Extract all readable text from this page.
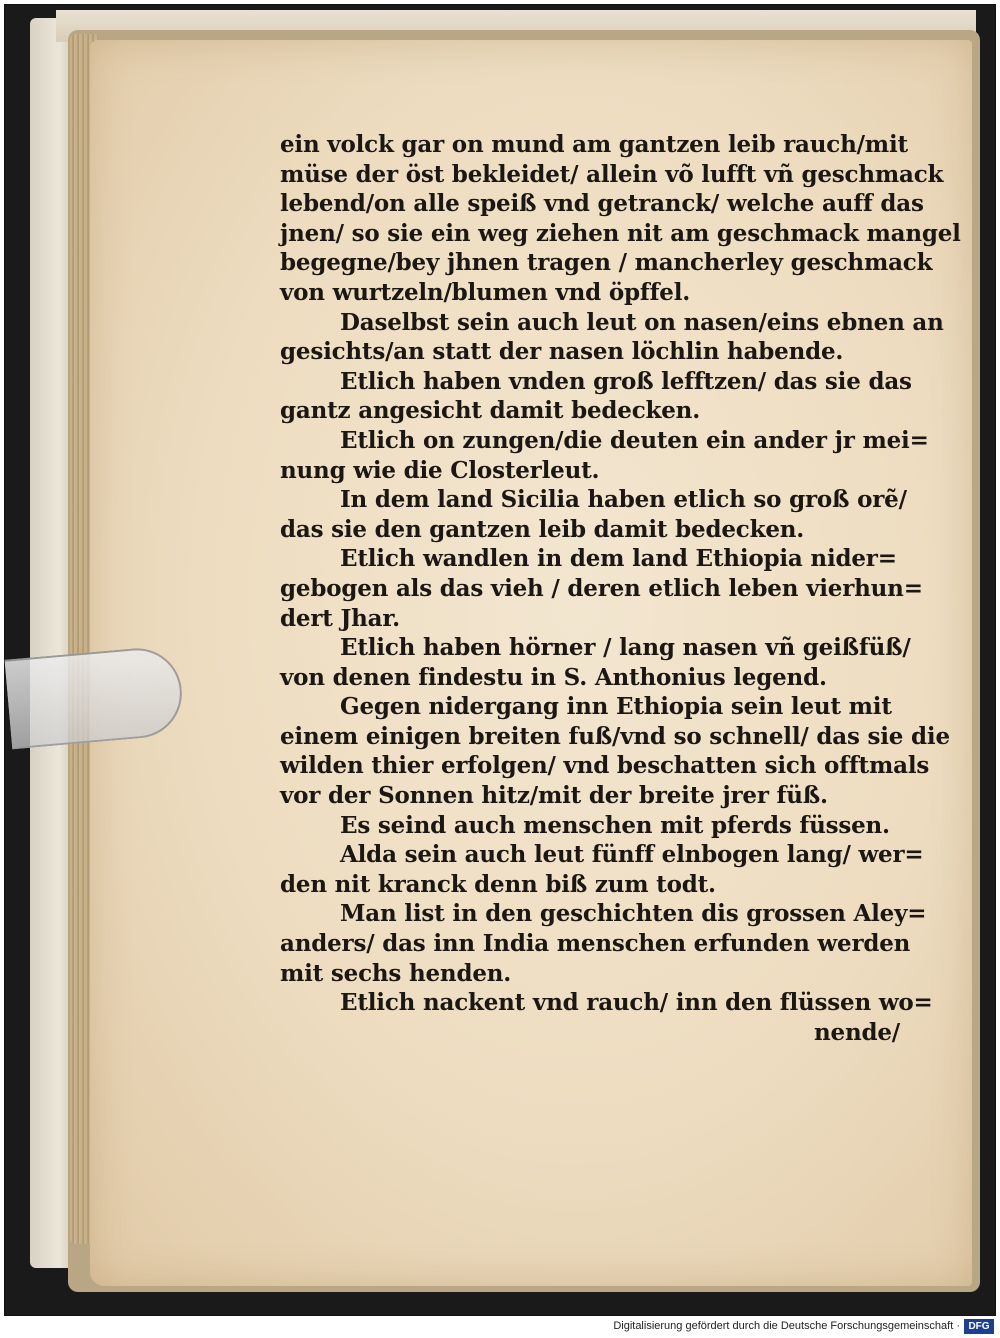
ein volck gar on mund am gantzen leib rauch/mit
müse der öst bekleidet/ allein võ lufft vñ geschmack
lebend/on alle speiß vnd getranck/ welche auff das
jnen/ so sie ein weg ziehen nit am geschmack mangel
begegne/bey jhnen tragen / mancherley geschmack
von wurtzeln/blumen vnd öpffel.
Daselbst sein auch leut on nasen/eins ebnen an
gesichts/an statt der nasen löchlin habende.
Etlich haben vnden groß lefftzen/ das sie das
gantz angesicht damit bedecken.
Etlich on zungen/die deuten ein ander jr mei=
nung wie die Closterleut.
In dem land Sicilia haben etlich so groß orẽ/
das sie den gantzen leib damit bedecken.
Etlich wandlen in dem land Ethiopia nider=
gebogen als das vieh / deren etlich leben vierhun=
dert Jhar.
Etlich haben hörner / lang nasen vñ geißfüß/
von denen findestu in S. Anthonius legend.
Gegen nidergang inn Ethiopia sein leut mit
einem einigen breiten fuß/vnd so schnell/ das sie die
wilden thier erfolgen/ vnd beschatten sich offtmals
vor der Sonnen hitz/mit der breite jrer füß.
Es seind auch menschen mit pferds füssen.
Alda sein auch leut fünff elnbogen lang/ wer=
den nit kranck denn biß zum todt.
Man list in den geschichten dis grossen Aley=
anders/ das inn India menschen erfunden werden
mit sechs henden.
Etlich nackent vnd rauch/ inn den flüssen wo=
nende/
Digitalisierung gefördert durch die Deutsche Forschungsgemeinschaft · DFG
